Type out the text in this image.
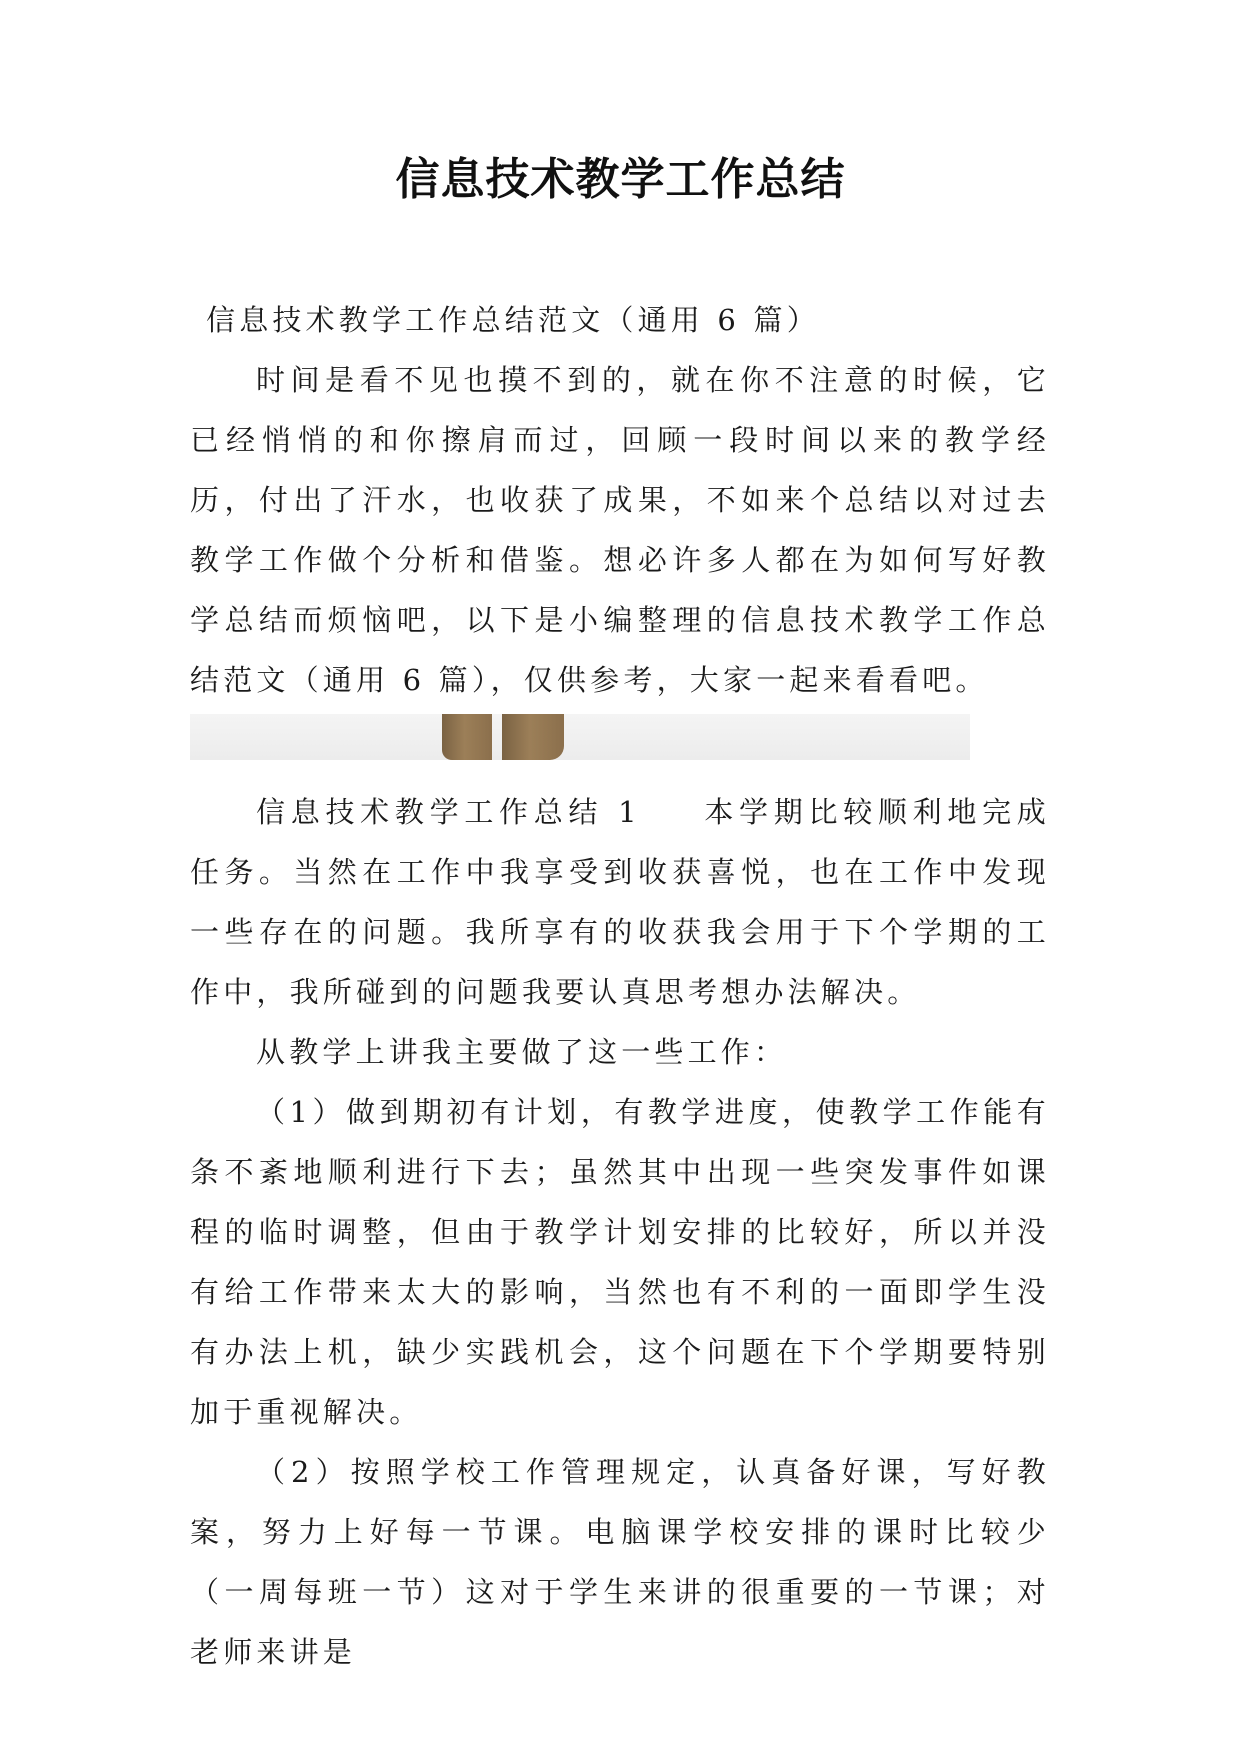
信息技术教学工作总结

信息技术教学工作总结范文（通用 6 篇）

时间是看不见也摸不到的，就在你不注意的时候，它已经悄悄的和你擦肩而过，回顾一段时间以来的教学经历，付出了汗水，也收获了成果，不如来个总结以对过去教学工作做个分析和借鉴。想必许多人都在为如何写好教学总结而烦恼吧，以下是小编整理的信息技术教学工作总结范文（通用 6 篇），仅供参考，大家一起来看看吧。

信息技术教学工作总结 1 本学期比较顺利地完成任务。当然在工作中我享受到收获喜悦，也在工作中发现一些存在的问题。我所享有的收获我会用于下个学期的工作中，我所碰到的问题我要认真思考想办法解决。

从教学上讲我主要做了这一些工作：

（1）做到期初有计划，有教学进度，使教学工作能有条不紊地顺利进行下去；虽然其中出现一些突发事件如课程的临时调整，但由于教学计划安排的比较好，所以并没有给工作带来太大的影响，当然也有不利的一面即学生没有办法上机，缺少实践机会，这个问题在下个学期要特别加于重视解决。

（2）按照学校工作管理规定，认真备好课，写好教案，努力上好每一节课。电脑课学校安排的课时比较少（一周每班一节）这对于学生来讲的很重要的一节课；对老师来讲是
